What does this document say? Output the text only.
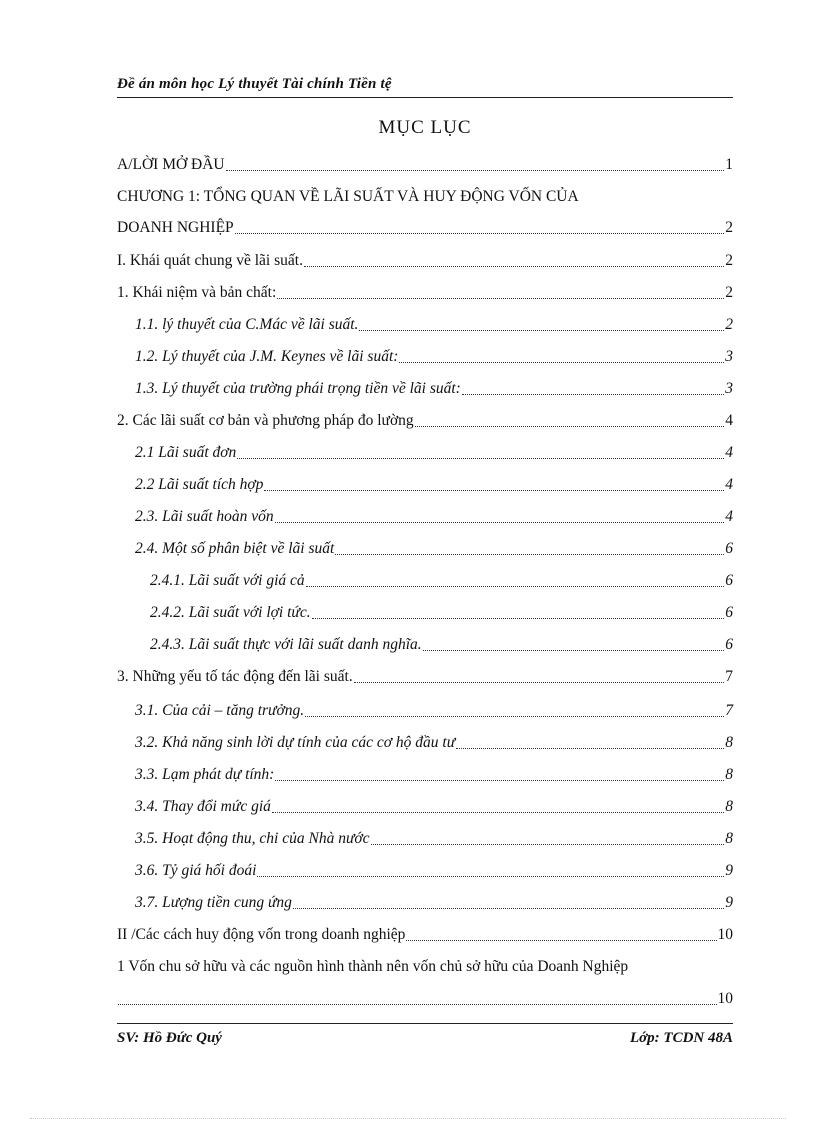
Đề án môn học Lý thuyết Tài chính Tiền tệ
MỤC LỤC
A/LỜI MỞ ĐẦU	1
CHƯƠNG 1: TỔNG QUAN VỀ LÃI SUẤT VÀ HUY ĐỘNG VỐN CỦA
DOANH NGHIỆP	2
I. Khái quát chung về lãi suất.	2
1. Khái niệm và bản chất:	2
1.1. lý thuyết của C.Mác về lãi suất.	2
1.2. Lý thuyết của J.M. Keynes về lãi suất:	3
1.3. Lý thuyết của trường phái trọng tiền về lãi suất:	3
2. Các lãi suất cơ bản và phương pháp đo lường	4
2.1 Lãi suất đơn	4
2.2 Lãi suất tích hợp	4
2.3. Lãi suất hoàn vốn	4
2.4. Một số phân biệt về lãi suất	6
2.4.1. Lãi suất với giá cả	6
2.4.2. Lãi suất với lợi tức.	6
2.4.3. Lãi suất thực với lãi suất danh nghĩa.	6
3. Những yếu tố tác động đến lãi suất.	7
3.1. Của cải – tăng trưởng.	7
3.2. Khả năng sinh lời dự tính của các cơ hộ đầu tư	8
3.3. Lạm phát dự tính:	8
3.4. Thay đổi mức giá	8
3.5. Hoạt động thu, chi của Nhà nước	8
3.6. Tỷ giá hối đoái	9
3.7. Lượng tiền cung ứng	9
II /Các cách huy động vốn trong doanh nghiệp	10
1 Vốn chu sở hữu và các nguồn hình thành nên vốn chủ sở hữu của Doanh Nghiệp
10
SV: Hồ Đức Quý	Lớp: TCDN 48A
